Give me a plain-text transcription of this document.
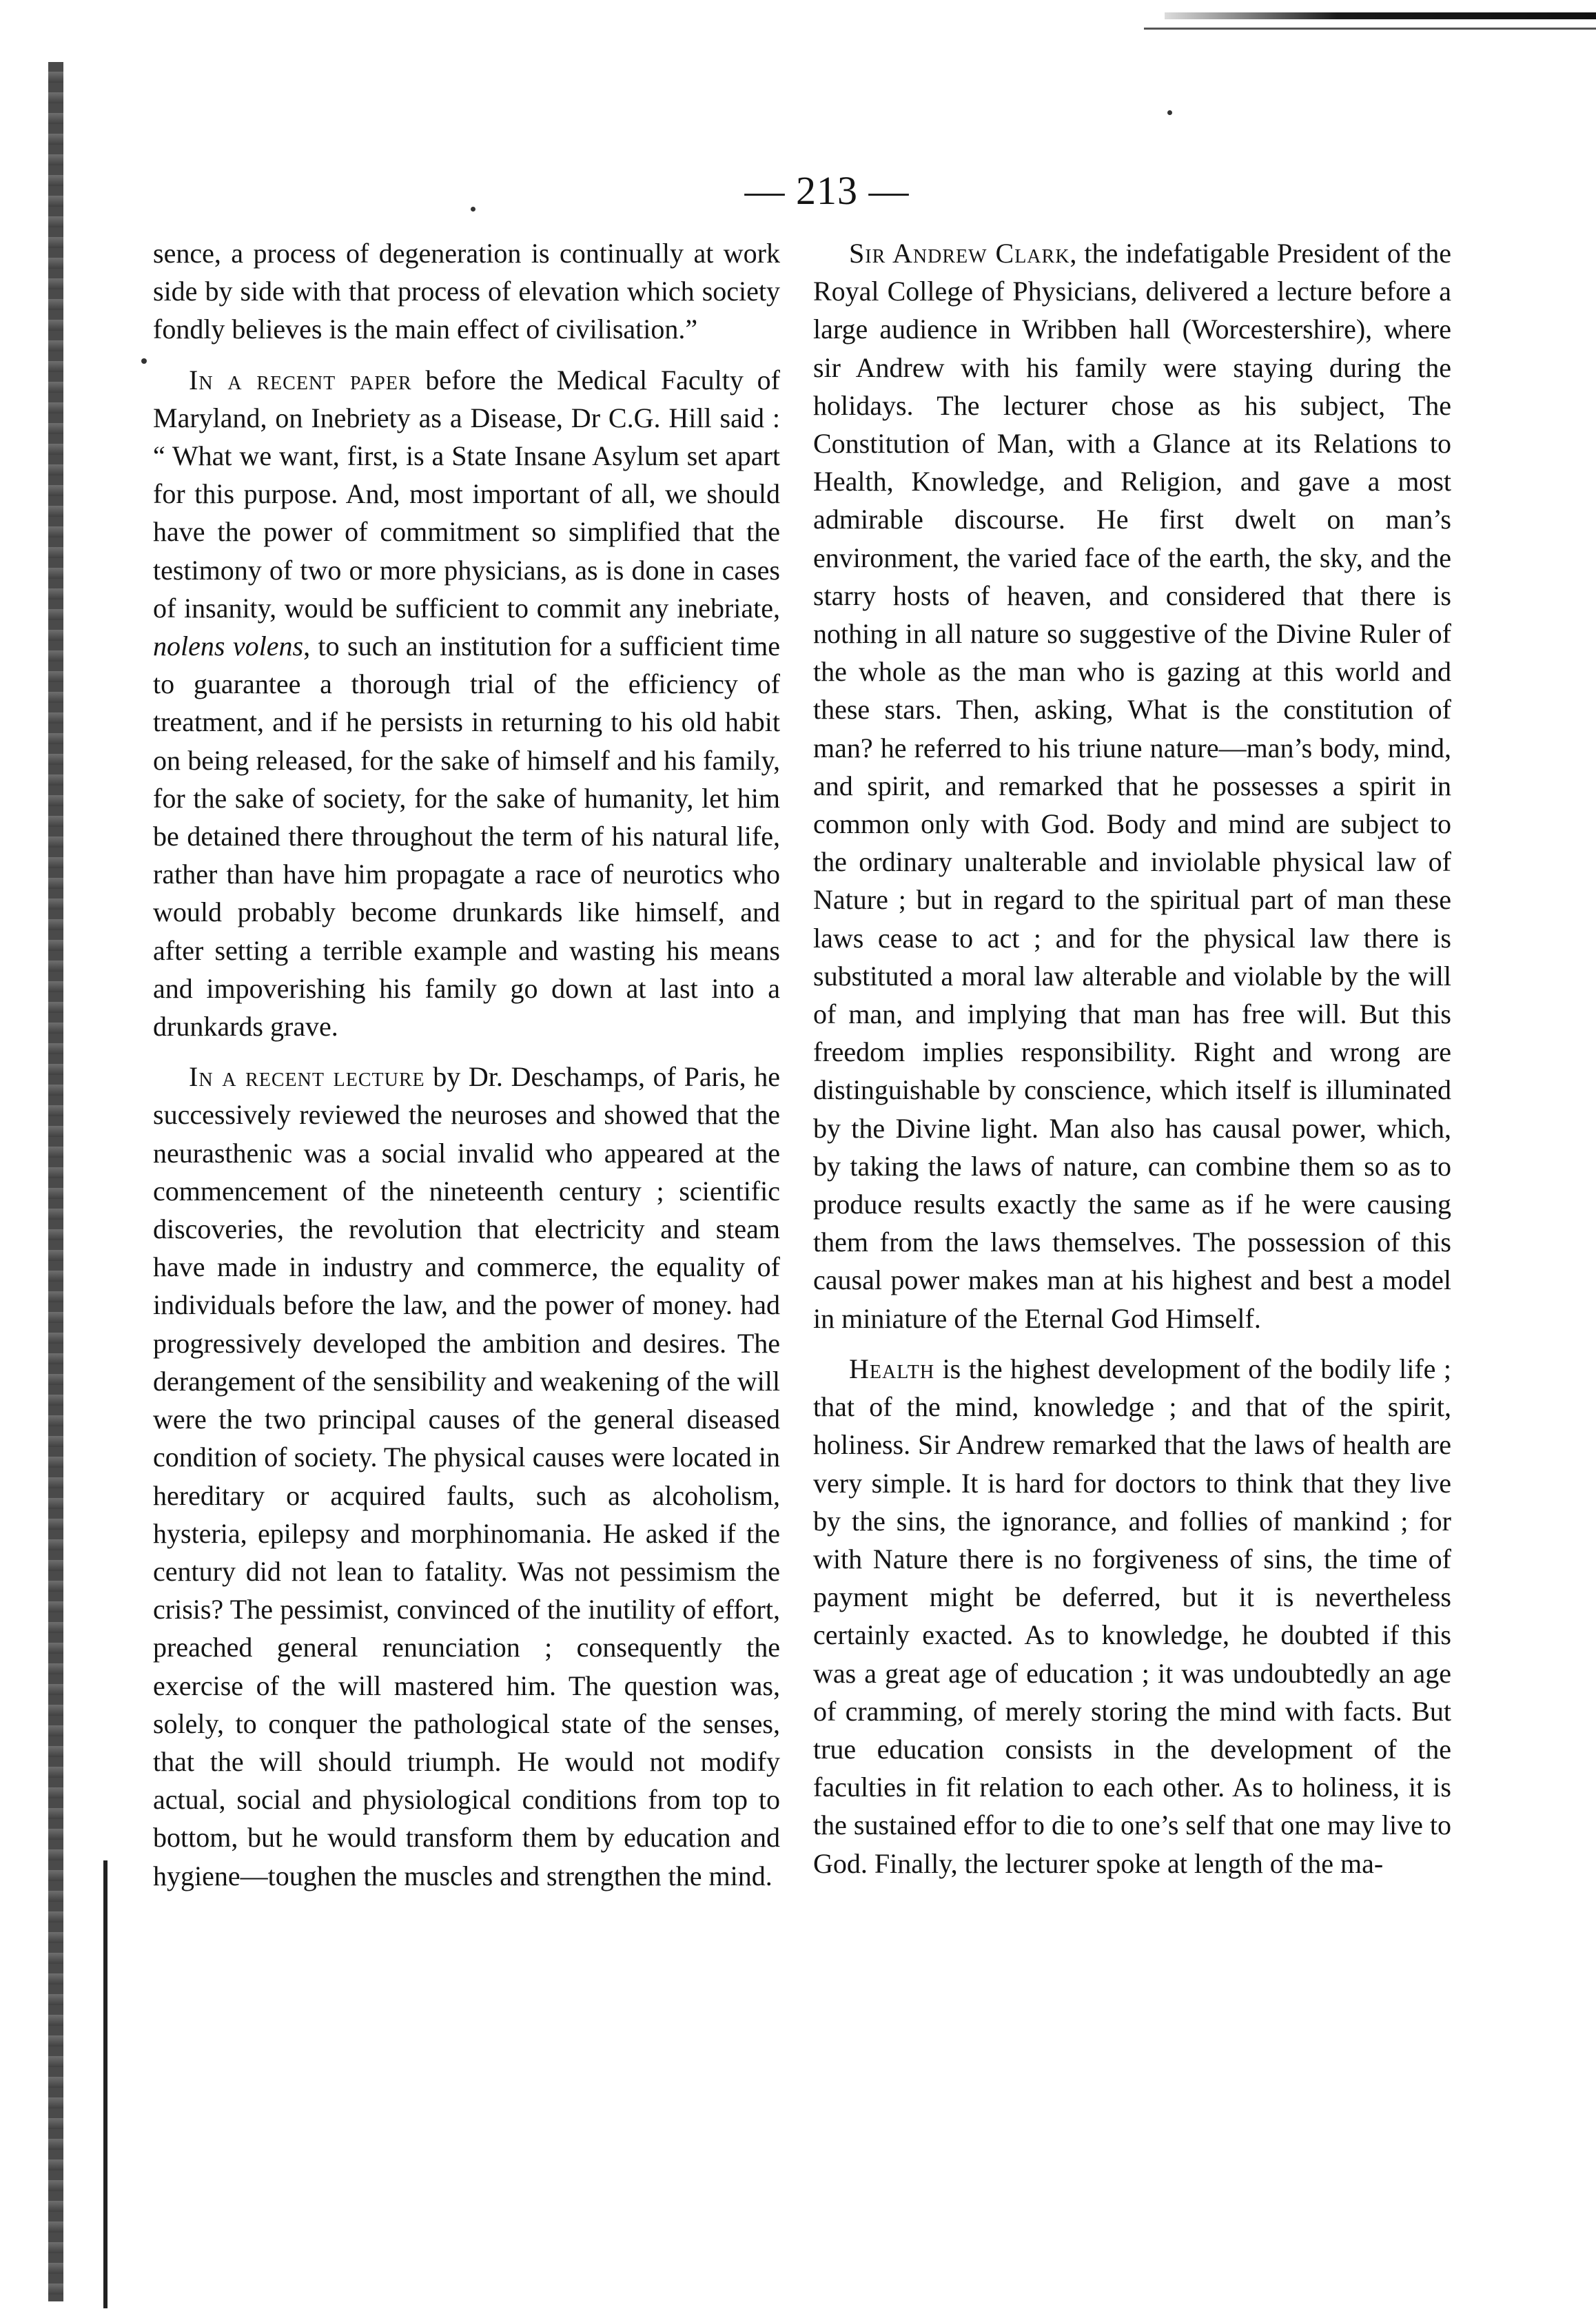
— 213 —

sence, a process of degeneration is continually at work side by side with that process of elevation which society fondly believes is the main effect of civilisation.”

In a recent paper before the Medical Faculty of Maryland, on Inebriety as a Disease, Dr C.G. Hill said : “ What we want, first, is a State Insane Asylum set apart for this purpose. And, most important of all, we should have the power of commitment so simplified that the testimony of two or more physicians, as is done in cases of insanity, would be sufficient to commit any inebriate, nolens volens, to such an institution for a sufficient time to guarantee a thorough trial of the efficiency of treatment, and if he persists in returning to his old habit on being released, for the sake of himself and his family, for the sake of society, for the sake of humanity, let him be detained there throughout the term of his natural life, rather than have him propagate a race of neurotics who would probably become drunkards like himself, and after setting a terrible example and wasting his means and impoverishing his family go down at last into a drunkards grave.

In a recent lecture by Dr. Deschamps, of Paris, he successively reviewed the neuroses and showed that the neurasthenic was a social invalid who appeared at the commencement of the nineteenth century ; scientific discoveries, the revolution that electricity and steam have made in industry and commerce, the equality of individuals before the law, and the power of money. had progressively developed the ambition and desires. The derangement of the sensibility and weakening of the will were the two principal causes of the general diseased condition of society. The physical causes were located in hereditary or acquired faults, such as alcoholism, hysteria, epilepsy and morphinomania. He asked if the century did not lean to fatality. Was not pessimism the crisis? The pessimist, convinced of the inutility of effort, preached general renunciation ; consequently the exercise of the will mastered him. The question was, solely, to conquer the pathological state of the senses, that the will should triumph. He would not modify actual, social and physiological conditions from top to bottom, but he would transform them by education and hygiene—toughen the muscles and strengthen the mind.

Sir Andrew Clark, the indefatigable President of the Royal College of Physicians, delivered a lecture before a large audience in Wribben hall (Worcestershire), where sir Andrew with his family were staying during the holidays. The lecturer chose as his subject, The Constitution of Man, with a Glance at its Relations to Health, Knowledge, and Religion, and gave a most admirable discourse. He first dwelt on man’s environment, the varied face of the earth, the sky, and the starry hosts of heaven, and considered that there is nothing in all nature so suggestive of the Divine Ruler of the whole as the man who is gazing at this world and these stars. Then, asking, What is the constitution of man? he referred to his triune nature—man’s body, mind, and spirit, and remarked that he possesses a spirit in common only with God. Body and mind are subject to the ordinary unalterable and inviolable physical law of Nature ; but in regard to the spiritual part of man these laws cease to act ; and for the physical law there is substituted a moral law alterable and violable by the will of man, and implying that man has free will. But this freedom implies responsibility. Right and wrong are distinguishable by conscience, which itself is illuminated by the Divine light. Man also has causal power, which, by taking the laws of nature, can combine them so as to produce results exactly the same as if he were causing them from the laws themselves. The possession of this causal power makes man at his highest and best a model in miniature of the Eternal God Himself.

Health is the highest development of the bodily life ; that of the mind, knowledge ; and that of the spirit, holiness. Sir Andrew remarked that the laws of health are very simple. It is hard for doctors to think that they live by the sins, the ignorance, and follies of mankind ; for with Nature there is no forgiveness of sins, the time of payment might be deferred, but it is nevertheless certainly exacted. As to knowledge, he doubted if this was a great age of education ; it was undoubtedly an age of cramming, of merely storing the mind with facts. But true education consists in the development of the faculties in fit relation to each other. As to holiness, it is the sustained effor to die to one’s self that one may live to God. Finally, the lecturer spoke at length of the ma-
